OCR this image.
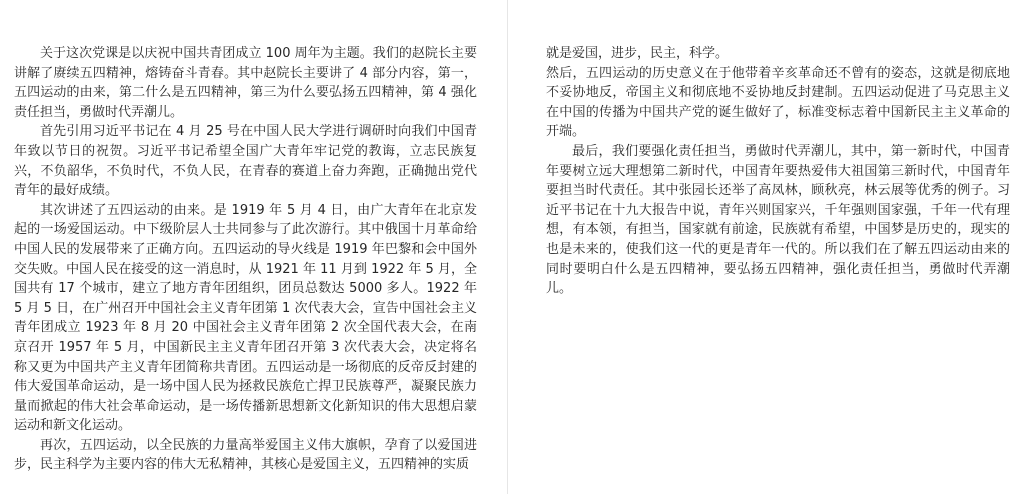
关于这次党课是以庆祝中国共青团成立 100 周年为主题。我们的赵院长主要讲解了赓续五四精神，熔铸奋斗青春。其中赵院长主要讲了 4 部分内容，第一，五四运动的由来，第二什么是五四精神，第三为什么要弘扬五四精神，第 4 强化责任担当，勇做时代弄潮儿。

首先引用习近平书记在 4 月 25 号在中国人民大学进行调研时向我们中国青年致以节日的祝贺。习近平书记希望全国广大青年牢记党的教诲，立志民族复兴，不负韶华，不负时代，不负人民，在青春的赛道上奋力奔跑，正确抛出党代青年的最好成绩。

其次讲述了五四运动的由来。是 1919 年 5 月 4 日，由广大青年在北京发起的一场爱国运动。中下级阶层人士共同参与了此次游行。其中俄国十月革命给中国人民的发展带来了正确方向。五四运动的导火线是 1919 年巴黎和会中国外交失败。中国人民在接受的这一消息时，从 1921 年 11 月到 1922 年 5 月，全国共有 17 个城市，建立了地方青年团组织，团员总数达 5000 多人。1922 年 5 月 5 日，在广州召开中国社会主义青年团第 1 次代表大会，宣告中国社会主义青年团成立 1923 年 8 月 20 中国社会主义青年团第 2 次全国代表大会，在南京召开 1957 年 5 月，中国新民主主义青年团召开第 3 次代表大会，决定将名称又更为中国共产主义青年团简称共青团。五四运动是一场彻底的反帝反封建的伟大爱国革命运动，是一场中国人民为拯救民族危亡捍卫民族尊严，凝聚民族力量而掀起的伟大社会革命运动，是一场传播新思想新文化新知识的伟大思想启蒙运动和新文化运动。

再次，五四运动，以全民族的力量高举爱国主义伟大旗帜，孕育了以爱国进步，民主科学为主要内容的伟大无私精神，其核心是爱国主义，五四精神的实质

就是爱国，进步，民主，科学。

然后，五四运动的历史意义在于他带着辛亥革命还不曾有的姿态，这就是彻底地不妥协地反，帝国主义和彻底地不妥协地反封建制。五四运动促进了马克思主义在中国的传播为中国共产党的诞生做好了，标准变标志着中国新民主主义革命的开端。

最后，我们要强化责任担当，勇做时代弄潮儿，其中，第一新时代，中国青年要树立远大理想第二新时代，中国青年要热爱伟大祖国第三新时代，中国青年要担当时代责任。其中张园长还举了高凤林，顾秋亮，林云展等优秀的例子。习近平书记在十九大报告中说，青年兴则国家兴，千年强则国家强，千年一代有理想，有本领，有担当，国家就有前途，民族就有希望，中国梦是历史的，现实的也是未来的，使我们这一代的更是青年一代的。所以我们在了解五四运动由来的同时要明白什么是五四精神，要弘扬五四精神，强化责任担当，勇做时代弄潮儿。
